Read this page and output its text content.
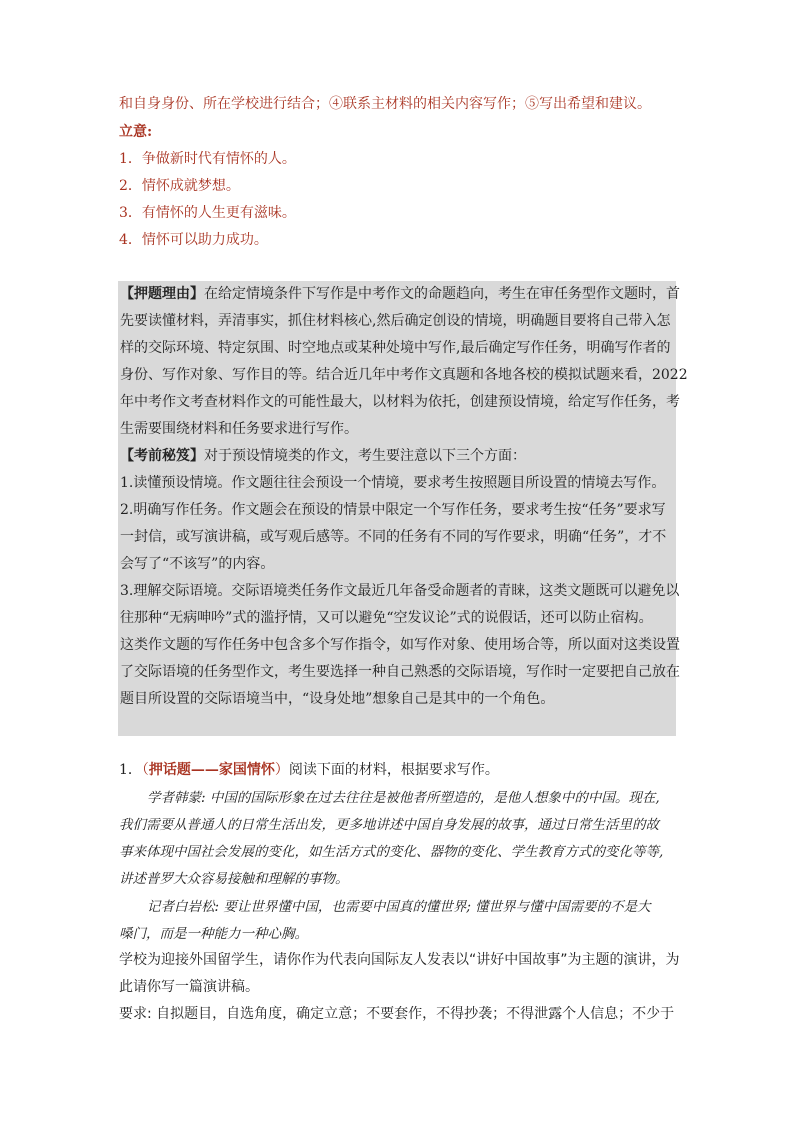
和自身身份、所在学校进行结合；④联系主材料的相关内容写作；⑤写出希望和建议。
立意:
1．争做新时代有情怀的人。
2．情怀成就梦想。
3．有情怀的人生更有滋味。
4．情怀可以助力成功。
【押题理由】在给定情境条件下写作是中考作文的命题趋向，考生在审任务型作文题时，首
先要读懂材料，弄清事实，抓住材料核心,然后确定创设的情境，明确题目要将自己带入怎
样的交际环境、特定氛围、时空地点或某种处境中写作,最后确定写作任务，明确写作者的
身份、写作对象、写作目的等。结合近几年中考作文真题和各地各校的模拟试题来看，2022
年中考作文考查材料作文的可能性最大，以材料为依托，创建预设情境，给定写作任务，考
生需要围绕材料和任务要求进行写作。
【考前秘笈】对于预设情境类的作文，考生要注意以下三个方面：
1.读懂预设情境。作文题往往会预设一个情境，要求考生按照题目所设置的情境去写作。
2.明确写作任务。作文题会在预设的情景中限定一个写作任务，要求考生按“任务”要求写
一封信，或写演讲稿，或写观后感等。不同的任务有不同的写作要求，明确“任务”，才不
会写了“不该写”的内容。
3.理解交际语境。交际语境类任务作文最近几年备受命题者的青睐，这类文题既可以避免以
往那种“无病呻吟”式的滥抒情，又可以避免“空发议论”式的说假话，还可以防止宿构。
这类作文题的写作任务中包含多个写作指令，如写作对象、使用场合等，所以面对这类设置
了交际语境的任务型作文，考生要选择一种自己熟悉的交际语境，写作时一定要把自己放在
题目所设置的交际语境当中，“设身处地”想象自己是其中的一个角色。
1．（押话题——家国情怀）阅读下面的材料，根据要求写作。
学者韩蒙: 中国的国际形象在过去往往是被他者所塑造的，是他人想象中的中国。现在,
我们需要从普通人的日常生活出发，更多地讲述中国自身发展的故事，通过日常生活里的故
事来体现中国社会发展的变化，如生活方式的变化、器物的变化、学生教育方式的变化等等,
讲述普罗大众容易接触和理解的事物。
记者白岩松: 要让世界懂中国，也需要中国真的懂世界; 懂世界与懂中国需要的不是大
嗓门，而是一种能力一种心胸。
学校为迎接外国留学生，请你作为代表向国际友人发表以“讲好中国故事”为主题的演讲，为
此请你写一篇演讲稿。
要求: 自拟题目，自选角度，确定立意；不要套作，不得抄袭；不得泄露个人信息；不少于
